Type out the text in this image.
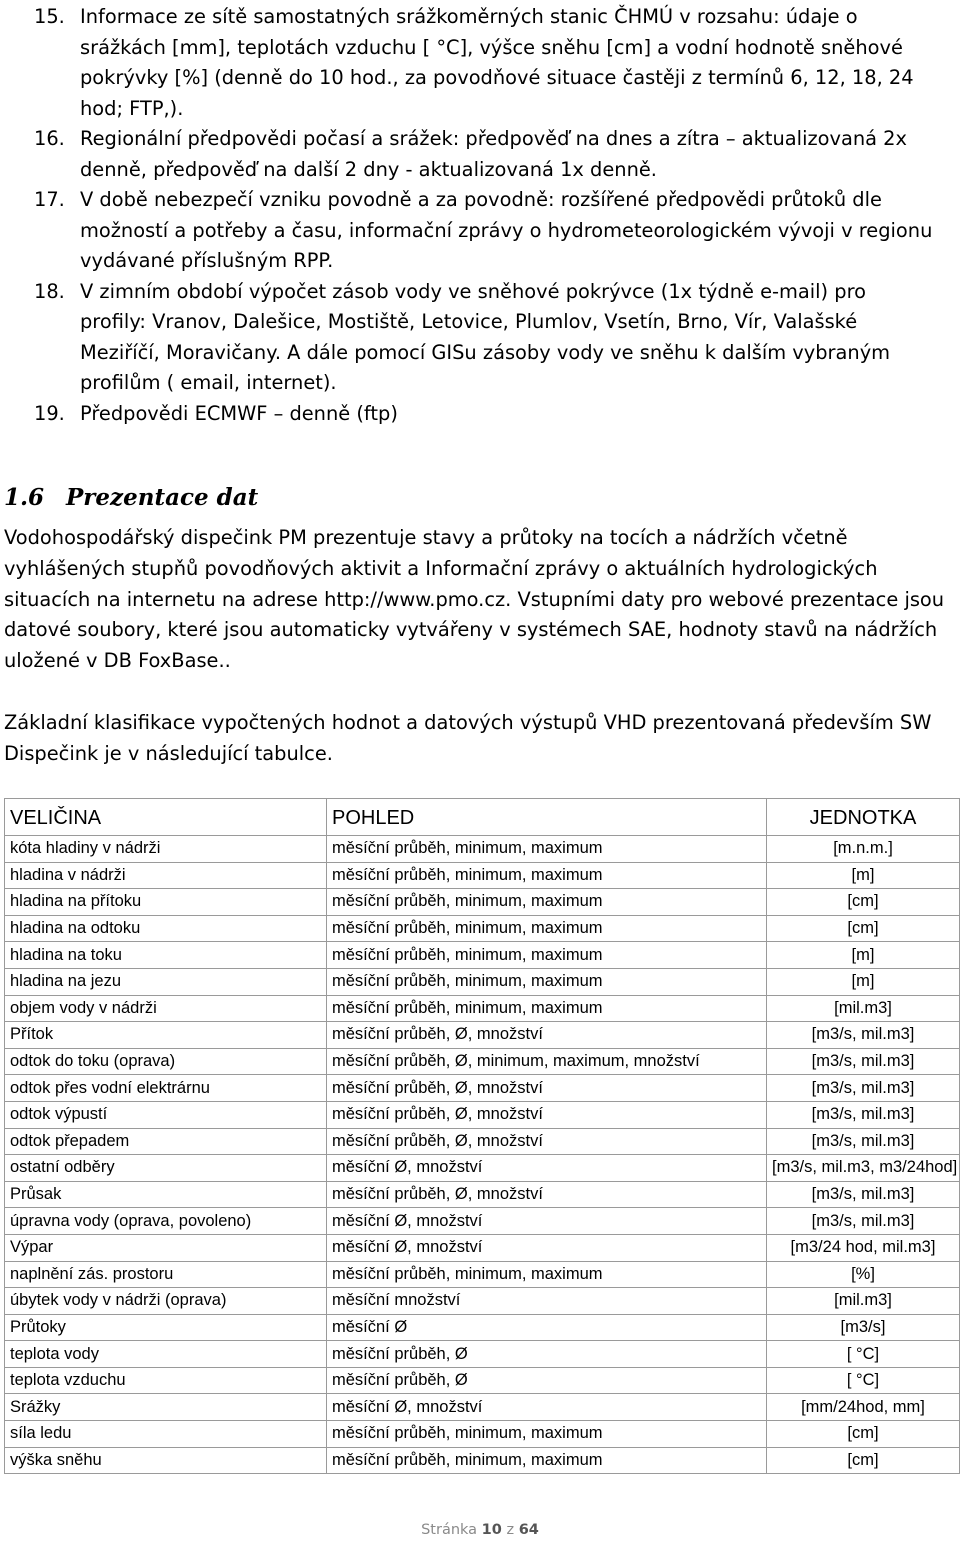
15. Informace ze sítě samostatných srážkoměrných stanic ČHMÚ v rozsahu: údaje o srážkách [mm], teplotách vzduchu [ °C], výšce sněhu [cm] a vodní hodnotě sněhové pokrývky [%] (denně do 10 hod., za povodňové situace častěji z termínů 6, 12, 18, 24 hod; FTP,).
16. Regionální předpovědi počasí a srážek: předpověď na dnes a zítra – aktualizovaná 2x denně, předpověď na další 2 dny - aktualizovaná 1x denně.
17. V době nebezpečí vzniku povodně a za povodně: rozšířené předpovědi průtoků dle možností a potřeby a času, informační zprávy o hydrometeorologickém vývoji v regionu vydávané příslušným RPP.
18. V zimním období výpočet zásob vody ve sněhové pokrývce (1x týdně e-mail) pro profily: Vranov, Dalešice, Mostiště, Letovice, Plumlov, Vsetín, Brno, Vír, Valašské Meziříčí, Moravičany. A dále pomocí GISu zásoby vody ve sněhu k dalším vybraným profilům ( email, internet).
19. Předpovědi ECMWF – denně (ftp)
1.6 Prezentace dat

Vodohospodářský dispečink PM prezentuje stavy a průtoky na tocích a nádržích včetně vyhlášených stupňů povodňových aktivit a Informační zprávy o aktuálních hydrologických situacích na internetu na adrese http://www.pmo.cz. Vstupními daty pro webové prezentace jsou datové soubory, které jsou automaticky vytvářeny v systémech SAE, hodnoty stavů na nádržích uložené v DB FoxBase..

Základní klasifikace vypočtených hodnot a datových výstupů VHD prezentovaná především SW Dispečink je v následující tabulce.

VELIČINA	POHLED	JEDNOTKA
kóta hladiny v nádrži	měsíční průběh, minimum, maximum	[m.n.m.]
hladina v nádrži	měsíční průběh, minimum, maximum	[m]
hladina na přítoku	měsíční průběh, minimum, maximum	[cm]
hladina na odtoku	měsíční průběh, minimum, maximum	[cm]
hladina na toku	měsíční průběh, minimum, maximum	[m]
hladina na jezu	měsíční průběh, minimum, maximum	[m]
objem vody v nádrži	měsíční průběh, minimum, maximum	[mil.m3]
Přítok	měsíční průběh, Ø, množství	[m3/s, mil.m3]
odtok do toku (oprava)	měsíční průběh, Ø, minimum, maximum, množství	[m3/s, mil.m3]
odtok přes vodní elektrárnu	měsíční průběh, Ø, množství	[m3/s, mil.m3]
odtok výpustí	měsíční průběh, Ø, množství	[m3/s, mil.m3]
odtok přepadem	měsíční průběh, Ø, množství	[m3/s, mil.m3]
ostatní odběry	měsíční Ø, množství	[m3/s, mil.m3, m3/24hod]
Průsak	měsíční průběh, Ø, množství	[m3/s, mil.m3]
úpravna vody (oprava, povoleno)	měsíční Ø, množství	[m3/s, mil.m3]
Výpar	měsíční Ø, množství	[m3/24 hod, mil.m3]
naplnění zás. prostoru	měsíční průběh, minimum, maximum	[%]
úbytek vody v nádrži (oprava)	měsíční množství	[mil.m3]
Průtoky	měsíční Ø	[m3/s]
teplota vody	měsíční průběh, Ø	[ °C]
teplota vzduchu	měsíční průběh, Ø	[ °C]
Srážky	měsíční Ø, množství	[mm/24hod, mm]
síla ledu	měsíční průběh, minimum, maximum	[cm]
výška sněhu	měsíční průběh, minimum, maximum	[cm]
Stránka 10 z 64
